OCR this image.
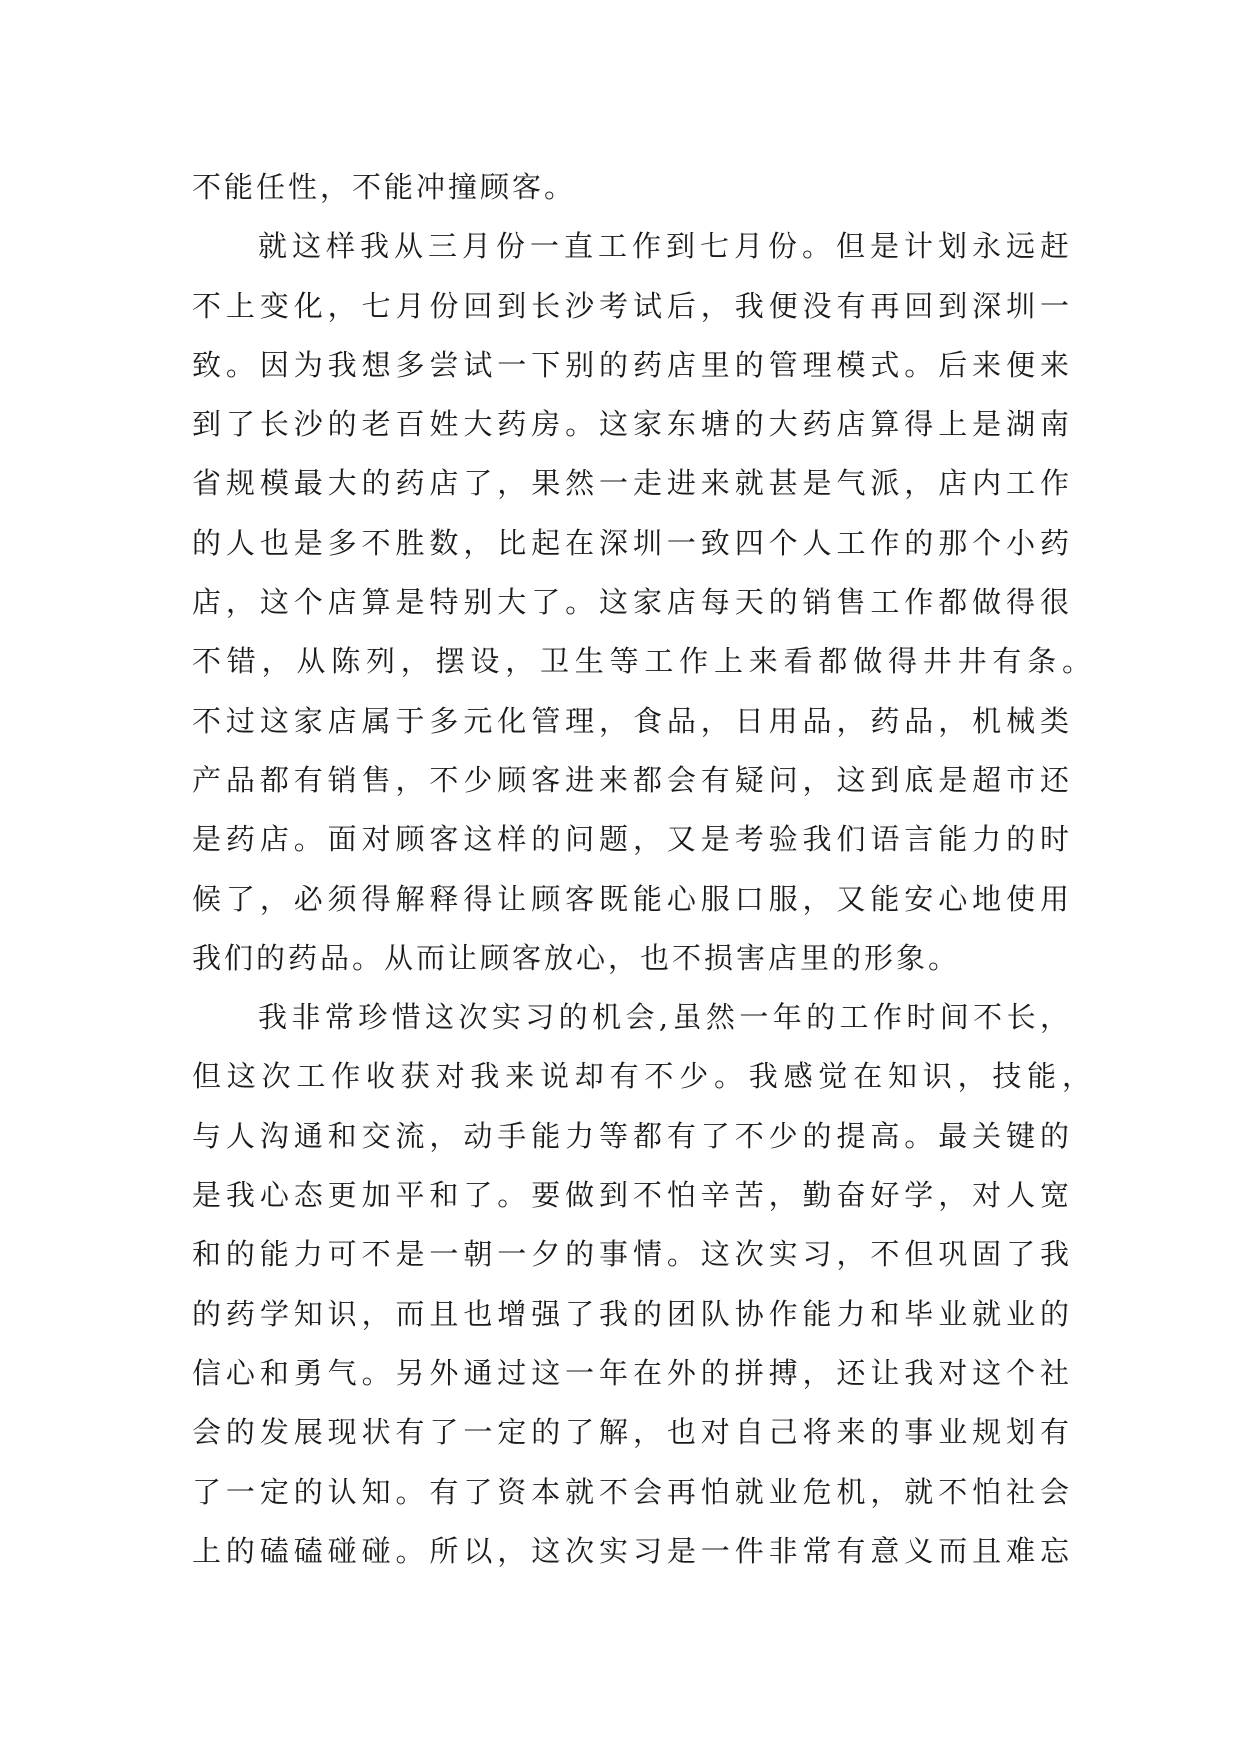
不能任性，不能冲撞顾客。
就这样我从三月份一直工作到七月份。但是计划永远赶
不上变化，七月份回到长沙考试后，我便没有再回到深圳一
致。因为我想多尝试一下别的药店里的管理模式。后来便来
到了长沙的老百姓大药房。这家东塘的大药店算得上是湖南
省规模最大的药店了，果然一走进来就甚是气派，店内工作
的人也是多不胜数，比起在深圳一致四个人工作的那个小药
店，这个店算是特别大了。这家店每天的销售工作都做得很
不错，从陈列，摆设，卫生等工作上来看都做得井井有条。
不过这家店属于多元化管理，食品，日用品，药品，机械类
产品都有销售，不少顾客进来都会有疑问，这到底是超市还
是药店。面对顾客这样的问题，又是考验我们语言能力的时
候了，必须得解释得让顾客既能心服口服，又能安心地使用
我们的药品。从而让顾客放心，也不损害店里的形象。
我非常珍惜这次实习的机会,虽然一年的工作时间不长，
但这次工作收获对我来说却有不少。我感觉在知识，技能，
与人沟通和交流，动手能力等都有了不少的提高。最关键的
是我心态更加平和了。要做到不怕辛苦，勤奋好学，对人宽
和的能力可不是一朝一夕的事情。这次实习，不但巩固了我
的药学知识，而且也增强了我的团队协作能力和毕业就业的
信心和勇气。另外通过这一年在外的拼搏，还让我对这个社
会的发展现状有了一定的了解，也对自己将来的事业规划有
了一定的认知。有了资本就不会再怕就业危机，就不怕社会
上的磕磕碰碰。所以，这次实习是一件非常有意义而且难忘
